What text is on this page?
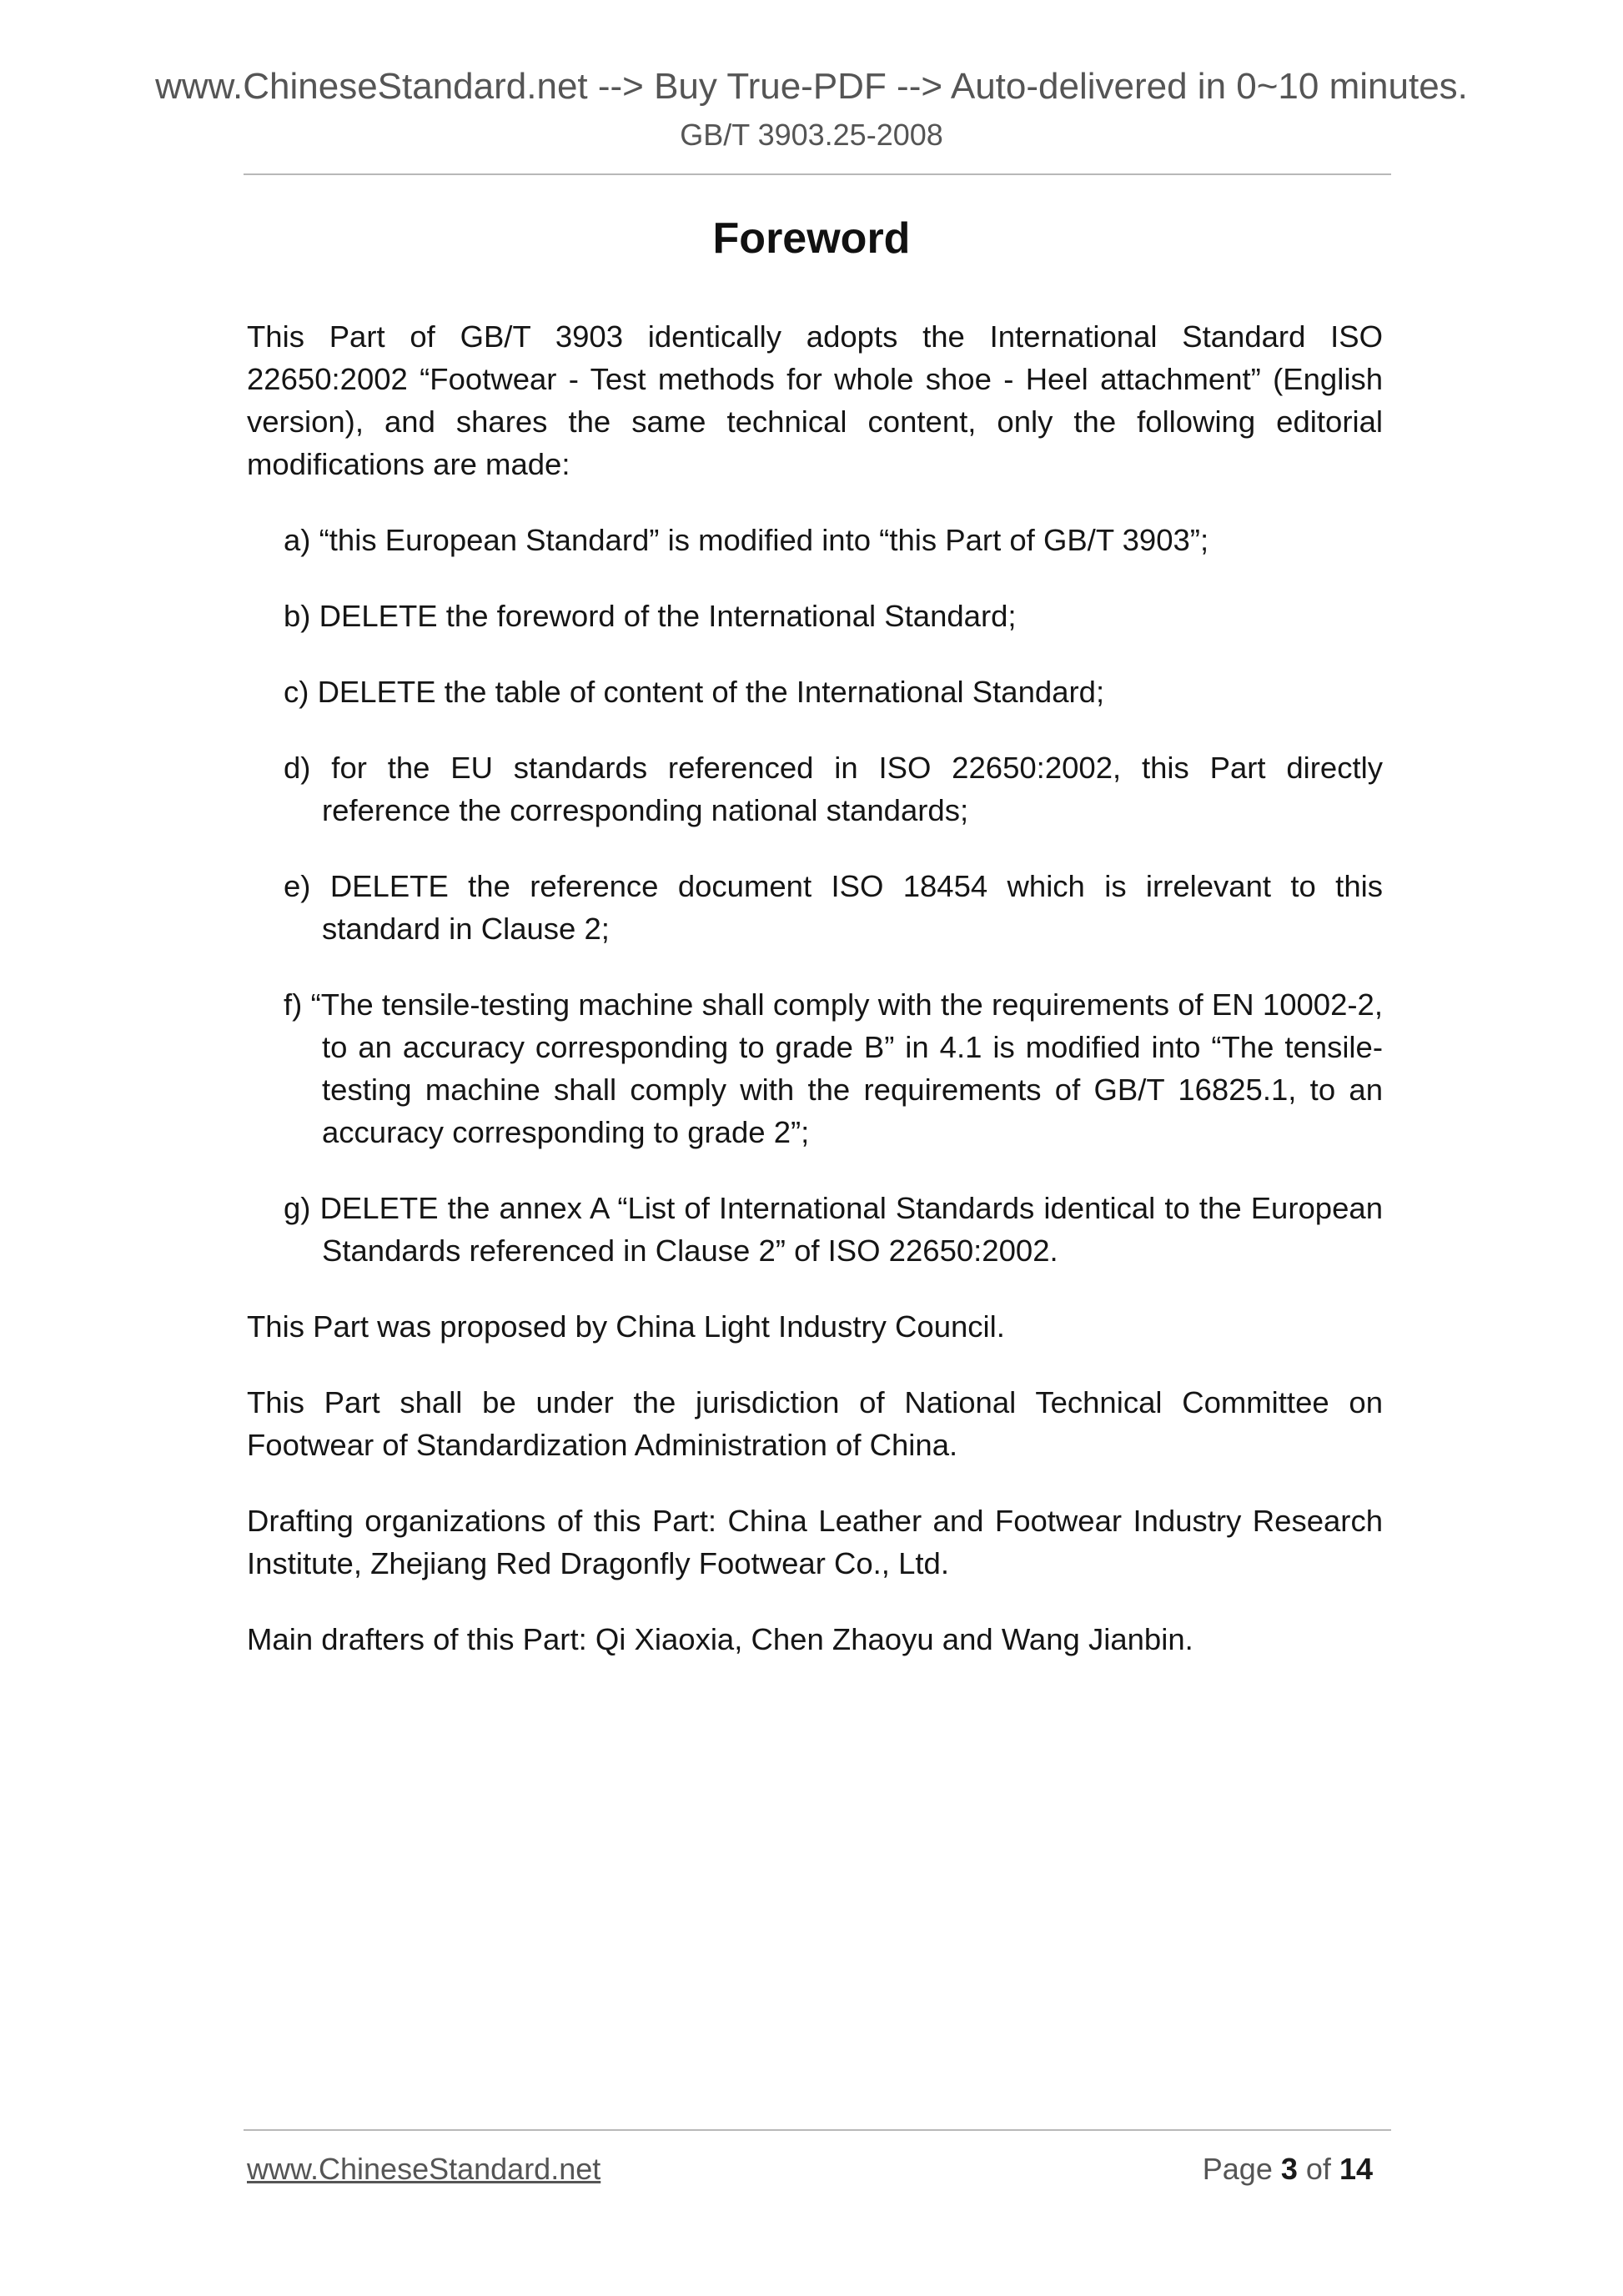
www.ChineseStandard.net --> Buy True-PDF --> Auto-delivered in 0~10 minutes.
GB/T 3903.25-2008
Foreword

This Part of GB/T 3903 identically adopts the International Standard ISO 22650:2002 “Footwear - Test methods for whole shoe - Heel attachment” (English version), and shares the same technical content, only the following editorial modifications are made:

a) “this European Standard” is modified into “this Part of GB/T 3903”;
b) DELETE the foreword of the International Standard;
c) DELETE the table of content of the International Standard;
d) for the EU standards referenced in ISO 22650:2002, this Part directly reference the corresponding national standards;
e) DELETE the reference document ISO 18454 which is irrelevant to this standard in Clause 2;
f) “The tensile-testing machine shall comply with the requirements of EN 10002-2, to an accuracy corresponding to grade B” in 4.1 is modified into “The tensile-testing machine shall comply with the requirements of GB/T 16825.1, to an accuracy corresponding to grade 2”;
g) DELETE the annex A “List of International Standards identical to the European Standards referenced in Clause 2” of ISO 22650:2002.

This Part was proposed by China Light Industry Council.

This Part shall be under the jurisdiction of National Technical Committee on Footwear of Standardization Administration of China.

Drafting organizations of this Part: China Leather and Footwear Industry Research Institute, Zhejiang Red Dragonfly Footwear Co., Ltd.

Main drafters of this Part: Qi Xiaoxia, Chen Zhaoyu and Wang Jianbin.

www.ChineseStandard.net	Page 3 of 14
